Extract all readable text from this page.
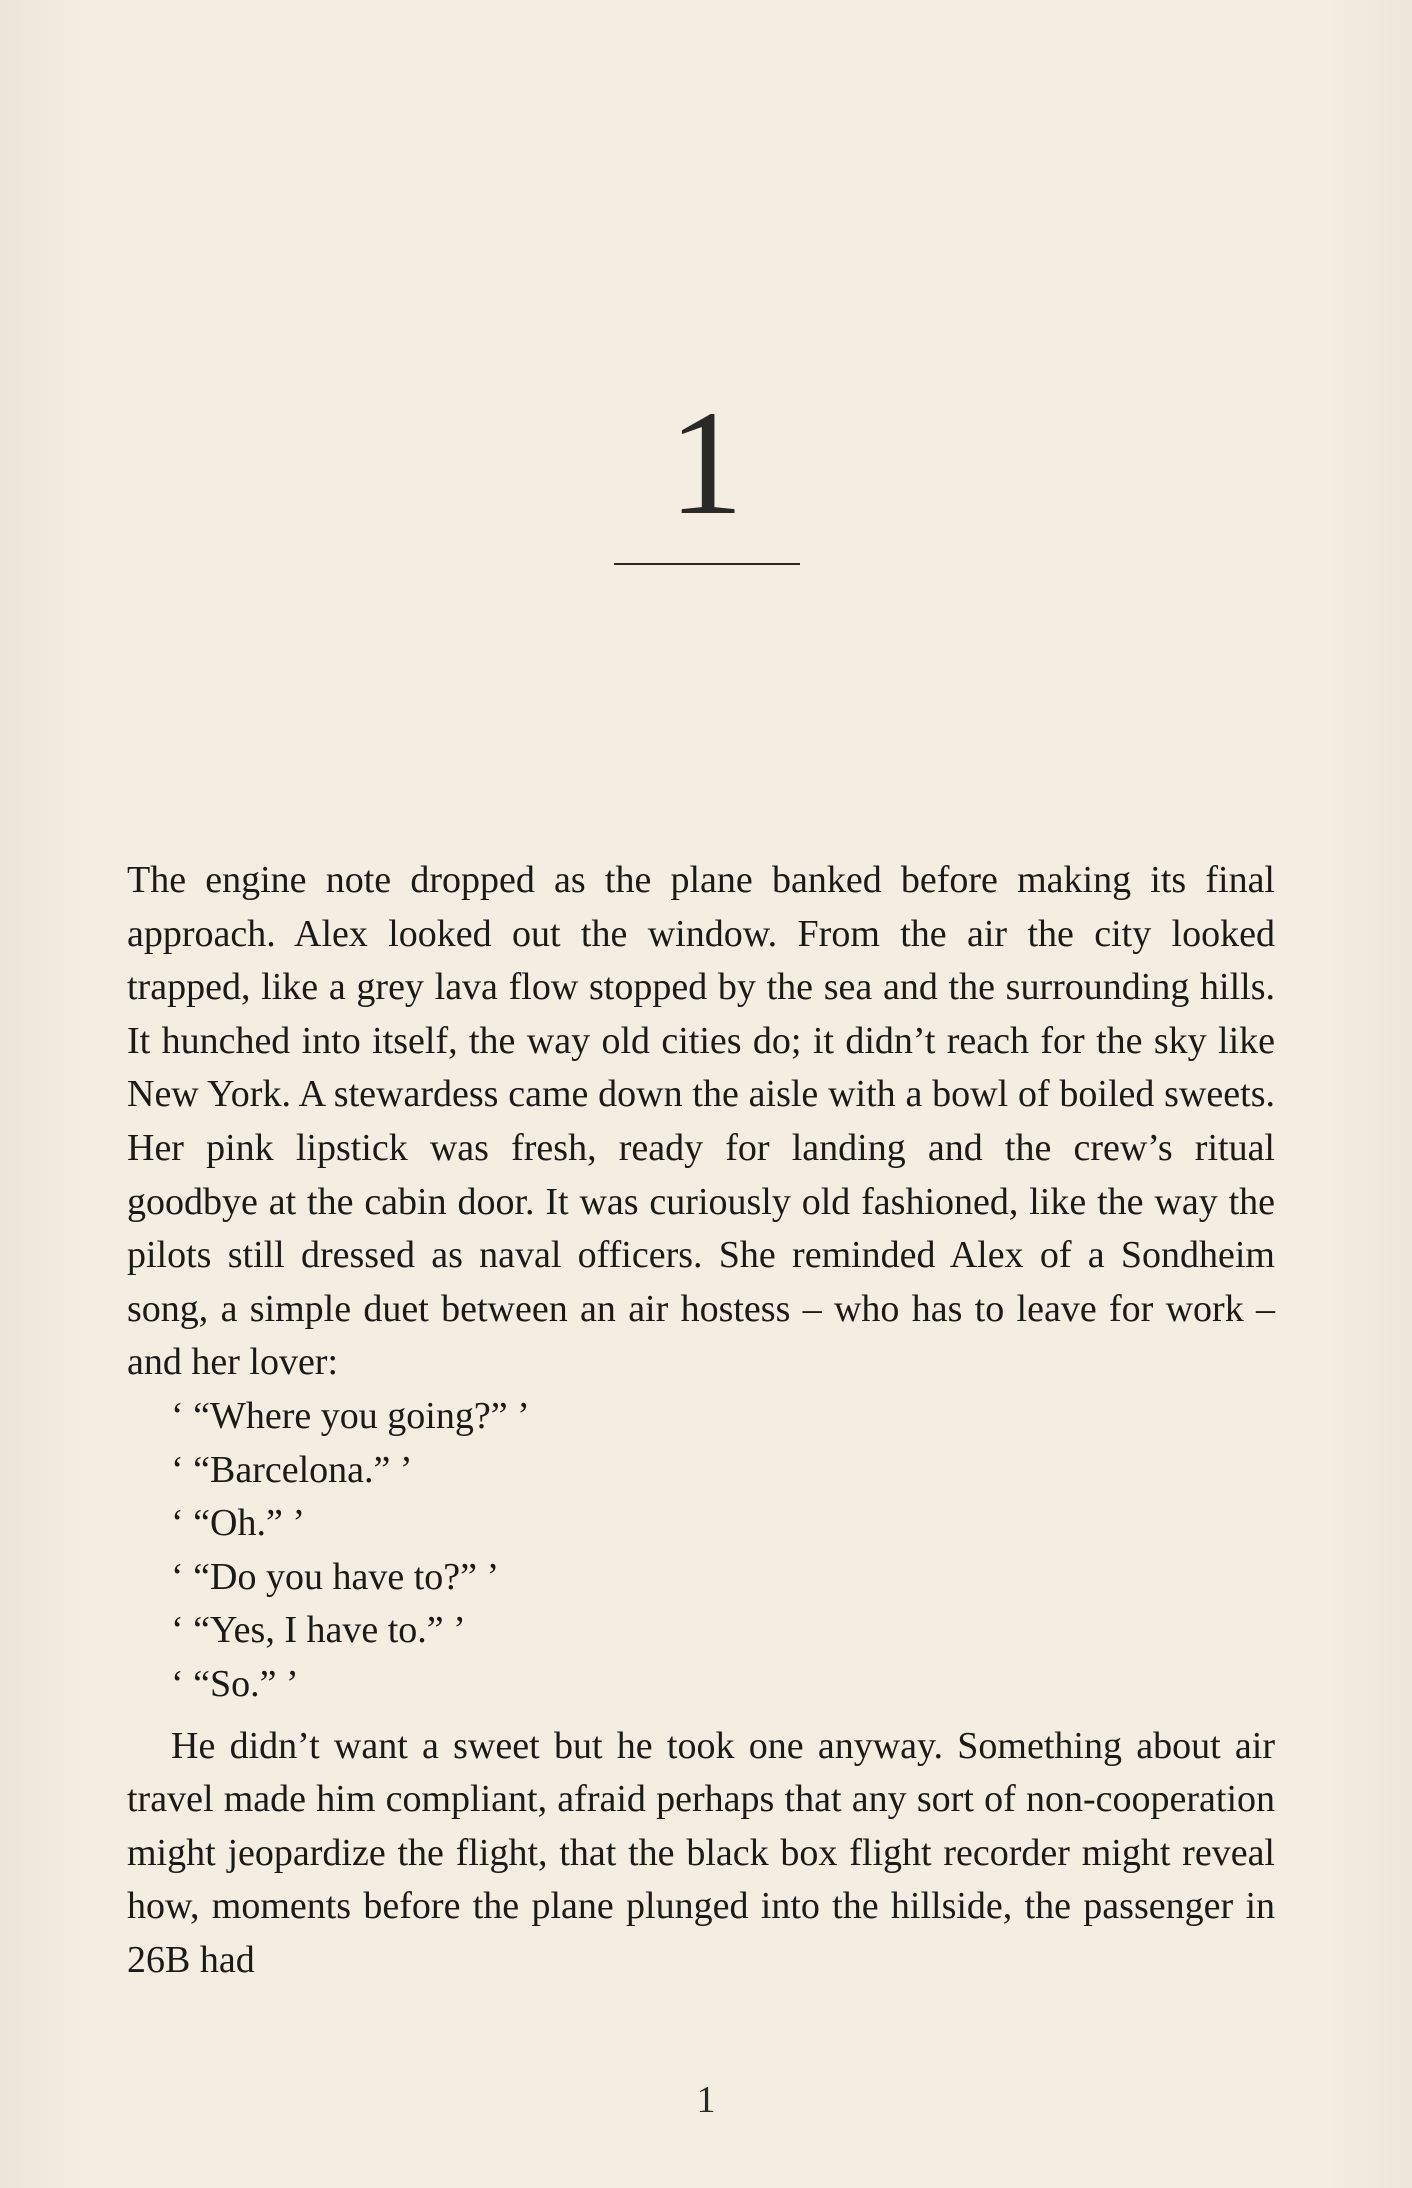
1

The engine note dropped as the plane banked before making its final approach. Alex looked out the window. From the air the city looked trapped, like a grey lava flow stopped by the sea and the surrounding hills. It hunched into itself, the way old cities do; it didn’t reach for the sky like New York. A stewardess came down the aisle with a bowl of boiled sweets. Her pink lipstick was fresh, ready for landing and the crew’s ritual goodbye at the cabin door. It was curiously old fashioned, like the way the pilots still dressed as naval officers. She reminded Alex of a Sondheim song, a simple duet between an air hostess – who has to leave for work – and her lover:

‘ “Where you going?” ’

‘ “Barcelona.” ’

‘ “Oh.” ’

‘ “Do you have to?” ’

‘ “Yes, I have to.” ’

‘ “So.” ’

He didn’t want a sweet but he took one anyway. Something about air travel made him compliant, afraid perhaps that any sort of non-cooperation might jeopardize the flight, that the black box flight recorder might reveal how, moments before the plane plunged into the hillside, the passenger in 26B had

1
